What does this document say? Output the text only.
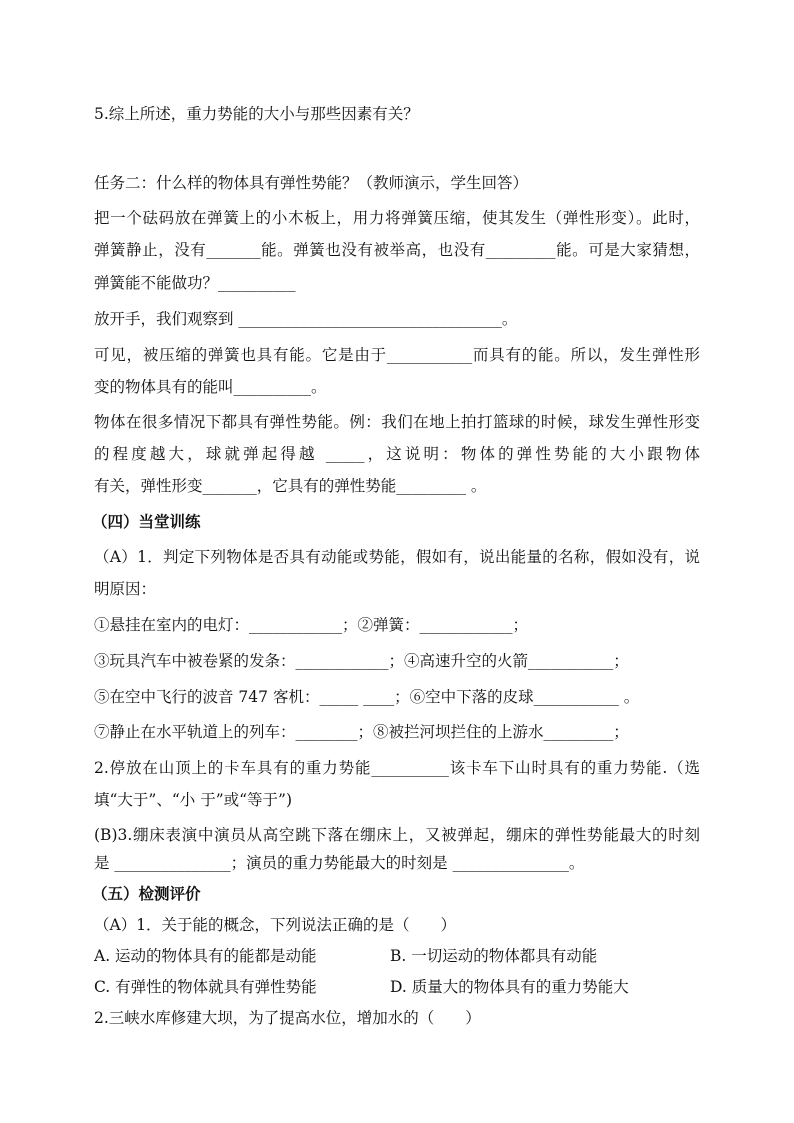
5.综上所述，重力势能的大小与那些因素有关？
任务二：什么样的物体具有弹性势能？（教师演示，学生回答）
把一个砝码放在弹簧上的小木板上，用力将弹簧压缩，使其发生（弹性形变）。此时，
弹簧静止，没有_______能。弹簧也没有被举高，也没有_________能。可是大家猜想，
弹簧能不能做功？__________
放开手，我们观察到 __________________________________。
可见，被压缩的弹簧也具有能。它是由于___________而具有的能。所以，发生弹性形
变的物体具有的能叫__________。
物体在很多情况下都具有弹性势能。例：我们在地上拍打篮球的时候，球发生弹性形变
的程度越大，球就弹起得越 _____，这说明：物体的弹性势能的大小跟物体
有关，弹性形变_______，它具有的弹性势能_________ 。
（四）当堂训练
（A）1．判定下列物体是否具有动能或势能，假如有，说出能量的名称，假如没有，说
明原因：
①悬挂在室内的电灯：____________；②弹簧：____________；
③玩具汽车中被卷紧的发条：____________；④高速升空的火箭___________；
⑤在空中飞行的波音 747 客机：_____ ____；⑥空中下落的皮球___________ 。
⑦静止在水平轨道上的列车：________；⑧被拦河坝拦住的上游水_________；
2.停放在山顶上的卡车具有的重力势能__________该卡车下山时具有的重力势能.（选
填“大于”、“小 于”或“等于”)
(B)3.绷床表演中演员从高空跳下落在绷床上，又被弹起，绷床的弹性势能最大的时刻
是 _______________；演员的重力势能最大的时刻是 _______________。
（五）检测评价
（A）1．关于能的概念，下列说法正确的是（　　）
A. 运动的物体具有的能都是动能	B. 一切运动的物体都具有动能
C. 有弹性的物体就具有弹性势能	D. 质量大的物体具有的重力势能大
2.三峡水库修建大坝，为了提高水位，增加水的（　　）
